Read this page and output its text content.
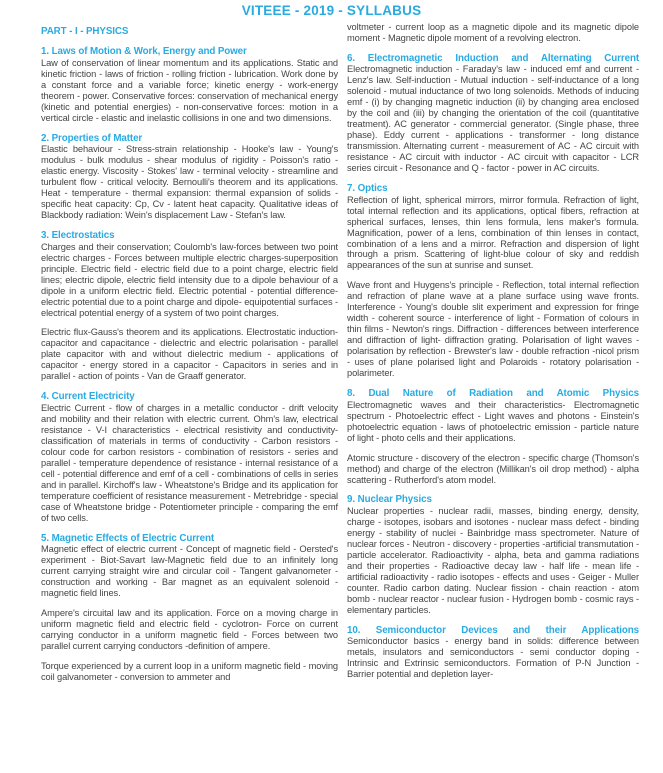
VITEEE - 2019 - SYLLABUS
PART - I - PHYSICS
1. Laws of Motion & Work, Energy and Power

Law of conservation of linear momentum and its applications. Static and kinetic friction - laws of friction - rolling friction - lubrication. Work done by a constant force and a variable force; kinetic energy - work-energy theorem - power. Conservative forces: conservation of mechanical energy (kinetic and potential energies) - non-conservative forces: motion in a vertical circle - elastic and inelastic collisions in one and two dimensions.

2. Properties of Matter

Elastic behaviour - Stress-strain relationship - Hooke's law - Young's modulus - bulk modulus - shear modulus of rigidity - Poisson's ratio - elastic energy. Viscosity - Stokes' law - terminal velocity - streamline and turbulent flow - critical velocity. Bernoulli's theorem and its applications. Heat - temperature - thermal expansion: thermal expansion of solids - specific heat capacity: Cp, Cv - latent heat capacity. Qualitative ideas of Blackbody radiation: Wein's displacement Law - Stefan's law.

3. Electrostatics

Charges and their conservation; Coulomb's law-forces between two point electric charges - Forces between multiple electric charges-superposition principle. Electric field - electric field due to a point charge, electric field lines; electric dipole, electric field intensity due to a dipole behaviour of a dipole in a uniform electric field. Electric potential - potential difference-electric potential due to a point charge and dipole- equipotential surfaces - electrical potential energy of a system of two point charges.

Electric flux-Gauss's theorem and its applications. Electrostatic induction-capacitor and capacitance - dielectric and electric polarisation - parallel plate capacitor with and without dielectric medium - applications of capacitor - energy stored in a capacitor - Capacitors in series and in parallel - action of points - Van de Graaff generator.

4. Current Electricity

Electric Current - flow of charges in a metallic conductor - drift velocity and mobility and their relation with electric current. Ohm's law, electrical resistance - V-I characteristics - electrical resistivity and conductivity-classification of materials in terms of conductivity - Carbon resistors - colour code for carbon resistors - combination of resistors - series and parallel - temperature dependence of resistance - internal resistance of a cell - potential difference and emf of a cell - combinations of cells in series and in parallel. Kirchoff's law - Wheatstone's Bridge and its application for temperature coefficient of resistance measurement - Metrebridge - special case of Wheatstone bridge - Potentiometer principle - comparing the emf of two cells.

5. Magnetic Effects of Electric Current

Magnetic effect of electric current - Concept of magnetic field - Oersted's experiment - Biot-Savart law-Magnetic field due to an infinitely long current carrying straight wire and circular coil - Tangent galvanometer - construction and working - Bar magnet as an equivalent solenoid - magnetic field lines.

Ampere's circuital law and its application. Force on a moving charge in uniform magnetic field and electric field - cyclotron- Force on current carrying conductor in a uniform magnetic field - Forces between two parallel current carrying conductors -definition of ampere.

Torque experienced by a current loop in a uniform magnetic field - moving coil galvanometer - conversion to ammeter and

voltmeter - current loop as a magnetic dipole and its magnetic dipole moment - Magnetic dipole moment of a revolving electron.

6. Electromagnetic Induction and Alternating Current

Electromagnetic induction - Faraday's law - induced emf and current - Lenz's law. Self-induction - Mutual induction - self-inductance of a long solenoid - mutual inductance of two long solenoids. Methods of inducing emf - (i) by changing magnetic induction (ii) by changing area enclosed by the coil and (iii) by changing the orientation of the coil (quantitative treatment). AC generator - commercial generator. (Single phase, three phase). Eddy current - applications - transformer - long distance transmission. Alternating current - measurement of AC - AC circuit with resistance - AC circuit with inductor - AC circuit with capacitor - LCR series circuit - Resonance and Q - factor - power in AC circuits.

7. Optics

Reflection of light, spherical mirrors, mirror formula. Refraction of light, total internal reflection and its applications, optical fibers, refraction at spherical surfaces, lenses, thin lens formula, lens maker's formula. Magnification, power of a lens, combination of thin lenses in contact, combination of a lens and a mirror. Refraction and dispersion of light through a prism. Scattering of light-blue colour of sky and reddish appearances of the sun at sunrise and sunset.

Wave front and Huygens's principle - Reflection, total internal reflection and refraction of plane wave at a plane surface using wave fronts. Interference - Young's double slit experiment and expression for fringe width - coherent source - interference of light - Formation of colours in thin films - Newton's rings. Diffraction - differences between interference and diffraction of light- diffraction grating. Polarisation of light waves - polarisation by reflection - Brewster's law - double refraction -nicol prism - uses of plane polarised light and Polaroids - rotatory polarisation - polarimeter.

8. Dual Nature of Radiation and Atomic Physics

Electromagnetic waves and their characteristics- Electromagnetic spectrum - Photoelectric effect - Light waves and photons - Einstein's photoelectric equation - laws of photoelectric emission - particle nature of light - photo cells and their applications.

Atomic structure - discovery of the electron - specific charge (Thomson's method) and charge of the electron (Millikan's oil drop method) - alpha scattering - Rutherford's atom model.

9. Nuclear Physics

Nuclear properties - nuclear radii, masses, binding energy, density, charge - isotopes, isobars and isotones - nuclear mass defect - binding energy - stability of nuclei - Bainbridge mass spectrometer. Nature of nuclear forces - Neutron - discovery - properties -artificial transmutation - particle accelerator. Radioactivity - alpha, beta and gamma radiations and their properties - Radioactive decay law - half life - mean life - artificial radioactivity - radio isotopes - effects and uses - Geiger - Muller counter. Radio carbon dating. Nuclear fission - chain reaction - atom bomb - nuclear reactor - nuclear fusion - Hydrogen bomb - cosmic rays - elementary particles.

10. Semiconductor Devices and their Applications

Semiconductor basics - energy band in solids: difference between metals, insulators and semiconductors - semi conductor doping - Intrinsic and Extrinsic semiconductors. Formation of P-N Junction - Barrier potential and depletion layer-
